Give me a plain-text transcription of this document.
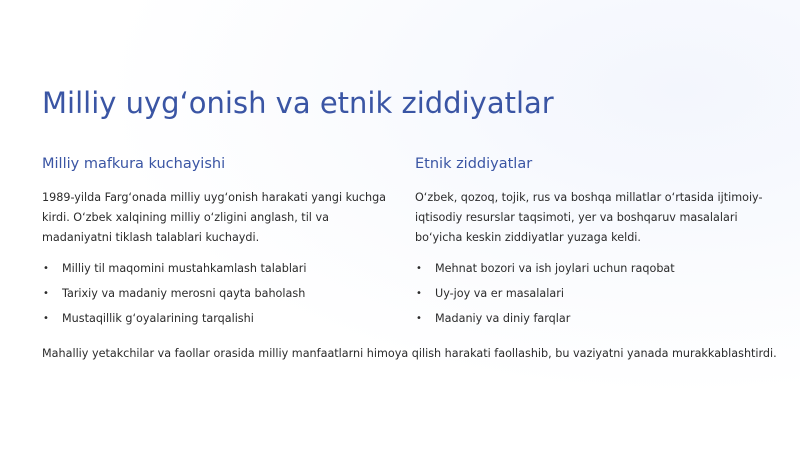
Milliy uyg‘onish va etnik ziddiyatlar
Milliy mafkura kuchayishi

1989-yilda Farg‘onada milliy uyg‘onish harakati yangi kuchga kirdi. O‘zbek xalqining milliy o‘zligini anglash, til va madaniyatni tiklash talablari kuchaydi.

• Milliy til maqomini mustahkamlash talablari
• Tarixiy va madaniy merosni qayta baholash
• Mustaqillik g‘oyalarining tarqalishi
Etnik ziddiyatlar

O‘zbek, qozoq, tojik, rus va boshqa millatlar o‘rtasida ijtimoiy-iqtisodiy resurslar taqsimoti, yer va boshqaruv masalalari bo‘yicha keskin ziddiyatlar yuzaga keldi.

• Mehnat bozori va ish joylari uchun raqobat
• Uy-joy va er masalalari
• Madaniy va diniy farqlar

Mahalliy yetakchilar va faollar orasida milliy manfaatlarni himoya qilish harakati faollashib, bu vaziyatni yanada murakkablashtirdi.
